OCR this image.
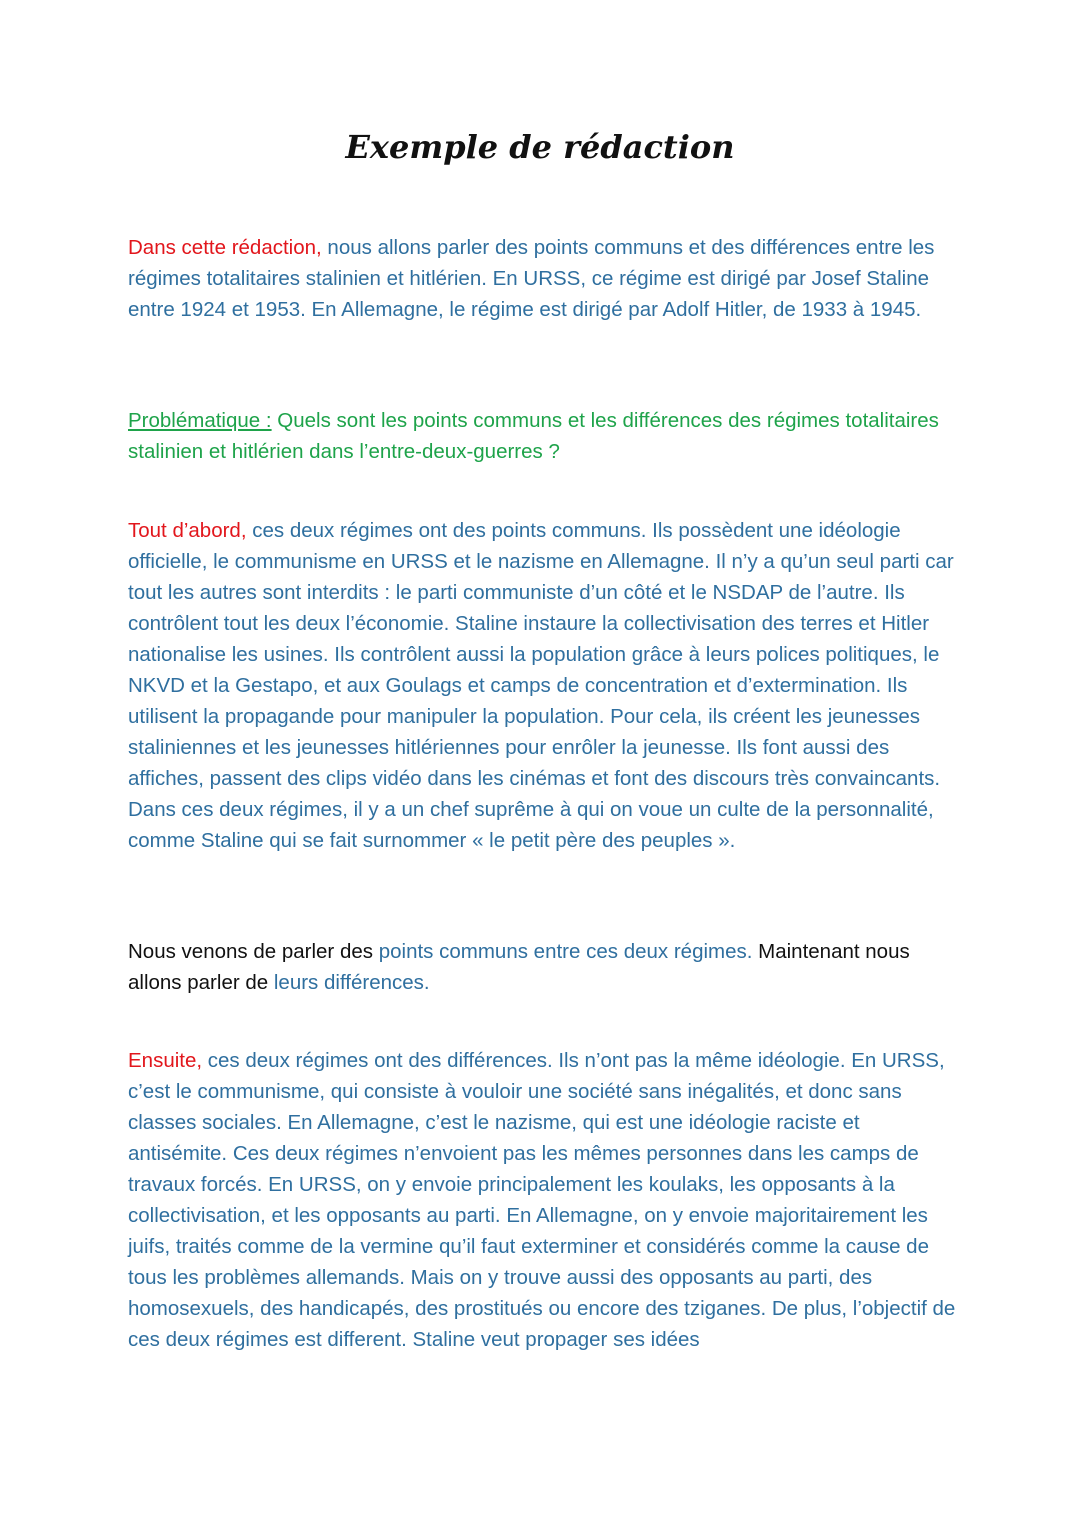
Exemple de rédaction

Dans cette rédaction, nous allons parler des points communs et des différences entre les régimes totalitaires stalinien et hitlérien. En URSS, ce régime est dirigé par Josef Staline entre 1924 et 1953. En Allemagne, le régime est dirigé par Adolf Hitler, de 1933 à 1945.

Problématique : Quels sont les points communs et les différences des régimes totalitaires stalinien et hitlérien dans l’entre-deux-guerres ?

Tout d’abord, ces deux régimes ont des points communs. Ils possèdent une idéologie officielle, le communisme en URSS et le nazisme en Allemagne. Il n’y a qu’un seul parti car tout les autres sont interdits : le parti communiste d’un côté et le NSDAP de l’autre. Ils contrôlent tout les deux l’économie. Staline instaure la collectivisation des terres et Hitler nationalise les usines. Ils contrôlent aussi la population grâce à leurs polices politiques, le NKVD et la Gestapo, et aux Goulags et camps de concentration et d’extermination. Ils utilisent la propagande pour manipuler la population. Pour cela, ils créent les jeunesses staliniennes et les jeunesses hitlériennes pour enrôler la jeunesse. Ils font aussi des affiches, passent des clips vidéo dans les cinémas et font des discours très convaincants. Dans ces deux régimes, il y a un chef suprême à qui on voue un culte de la personnalité, comme Staline qui se fait surnommer « le petit père des peuples ».

Nous venons de parler des points communs entre ces deux régimes. Maintenant nous allons parler de leurs différences.

Ensuite, ces deux régimes ont des différences. Ils n’ont pas la même idéologie. En URSS, c’est le communisme, qui consiste à vouloir une société sans inégalités, et donc sans classes sociales. En Allemagne, c’est le nazisme, qui est une idéologie raciste et antisémite. Ces deux régimes n’envoient pas les mêmes personnes dans les camps de travaux forcés. En URSS, on y envoie principalement les koulaks, les opposants à la collectivisation, et les opposants au parti. En Allemagne, on y envoie majoritairement les juifs, traités comme de la vermine qu’il faut exterminer et considérés comme la cause de tous les problèmes allemands. Mais on y trouve aussi des opposants au parti, des homosexuels, des handicapés, des prostitués ou encore des tziganes. De plus, l’objectif de ces deux régimes est different. Staline veut propager ses idées
